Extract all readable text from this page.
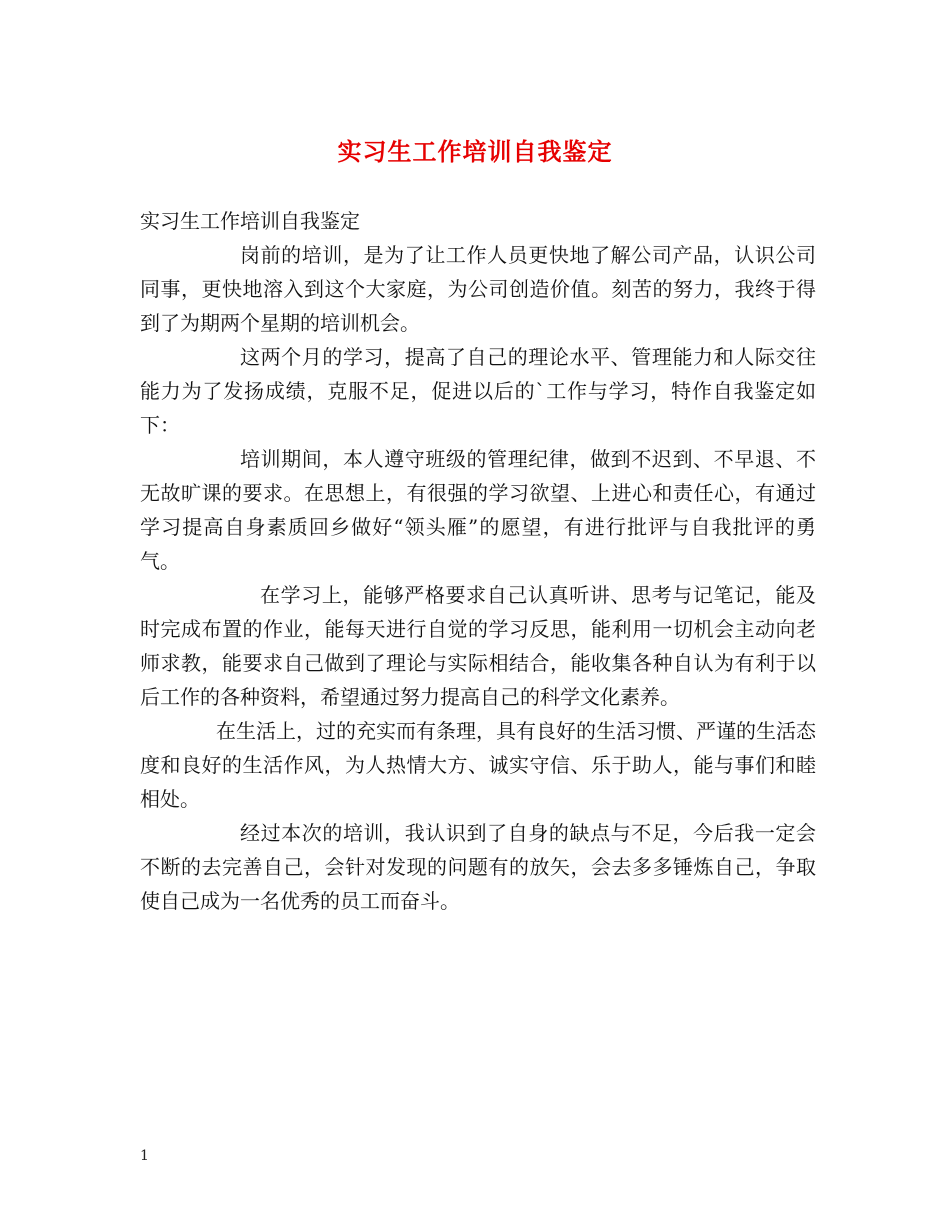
实习生工作培训自我鉴定

实习生工作培训自我鉴定

岗前的培训，是为了让工作人员更快地了解公司产品，认识公司同事，更快地溶入到这个大家庭，为公司创造价值。刻苦的努力，我终于得到了为期两个星期的培训机会。

这两个月的学习，提高了自己的理论水平、管理能力和人际交往能力为了发扬成绩，克服不足，促进以后的`工作与学习，特作自我鉴定如下：

培训期间，本人遵守班级的管理纪律，做到不迟到、不早退、不无故旷课的要求。在思想上，有很强的学习欲望、上进心和责任心，有通过学习提高自身素质回乡做好“领头雁”的愿望，有进行批评与自我批评的勇气。

在学习上，能够严格要求自己认真听讲、思考与记笔记，能及时完成布置的作业，能每天进行自觉的学习反思，能利用一切机会主动向老师求教，能要求自己做到了理论与实际相结合，能收集各种自认为有利于以后工作的各种资料，希望通过努力提高自己的科学文化素养。

在生活上，过的充实而有条理，具有良好的生活习惯、严谨的生活态度和良好的生活作风，为人热情大方、诚实守信、乐于助人，能与事们和睦相处。

经过本次的培训，我认识到了自身的缺点与不足，今后我一定会不断的去完善自己，会针对发现的问题有的放矢，会去多多锤炼自己，争取使自己成为一名优秀的员工而奋斗。

1
